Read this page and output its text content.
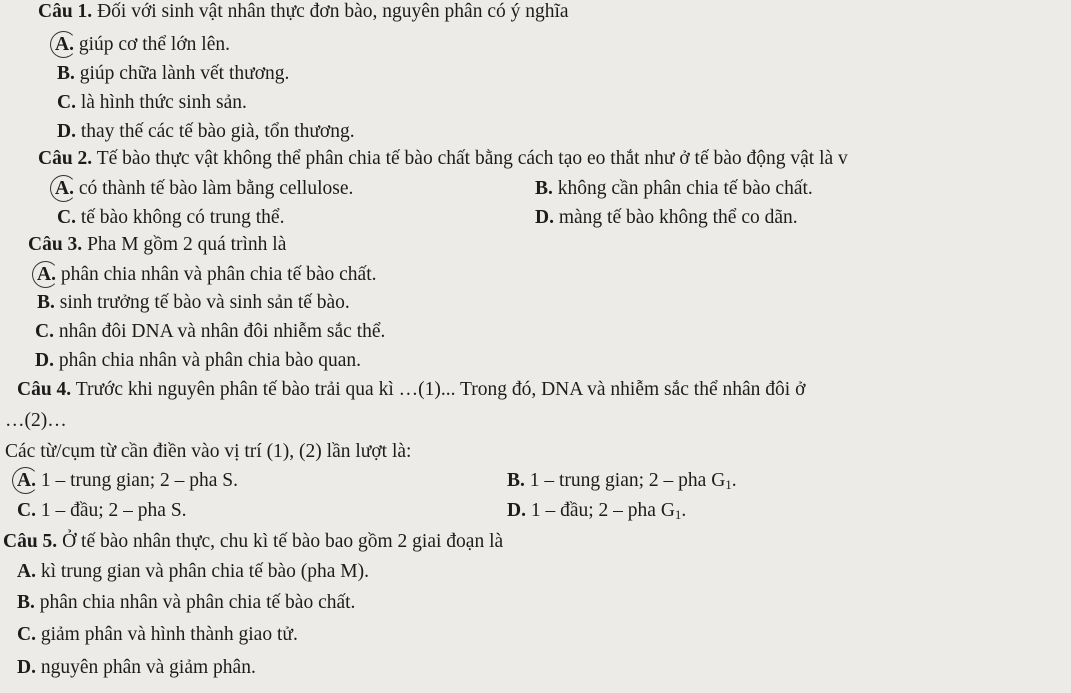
Câu 1. Đối với sinh vật nhân thực đơn bào, nguyên phân có ý nghĩa
A. giúp cơ thể lớn lên.
B. giúp chữa lành vết thương.
C. là hình thức sinh sản.
D. thay thế các tế bào già, tổn thương.
Câu 2. Tế bào thực vật không thể phân chia tế bào chất bằng cách tạo eo thắt như ở tế bào động vật là v
A. có thành tế bào làm bằng cellulose.	B. không cần phân chia tế bào chất.
C. tế bào không có trung thể.	D. màng tế bào không thể co dãn.
Câu 3. Pha M gồm 2 quá trình là
A. phân chia nhân và phân chia tế bào chất.
B. sinh trưởng tế bào và sinh sản tế bào.
C. nhân đôi DNA và nhân đôi nhiễm sắc thể.
D. phân chia nhân và phân chia bào quan.
Câu 4. Trước khi nguyên phân tế bào trải qua kì …(1)... Trong đó, DNA và nhiễm sắc thể nhân đôi ở
…(2)…
Các từ/cụm từ cần điền vào vị trí (1), (2) lần lượt là:
A. 1 – trung gian; 2 – pha S.	B. 1 – trung gian; 2 – pha $G_1$.
C. 1 – đầu; 2 – pha S.	D. 1 – đầu; 2 – pha $G_1$.
Câu 5. Ở tế bào nhân thực, chu kì tế bào bao gồm 2 giai đoạn là
A. kì trung gian và phân chia tế bào (pha M).
B. phân chia nhân và phân chia tế bào chất.
C. giảm phân và hình thành giao tử.
D. nguyên phân và giảm phân.
